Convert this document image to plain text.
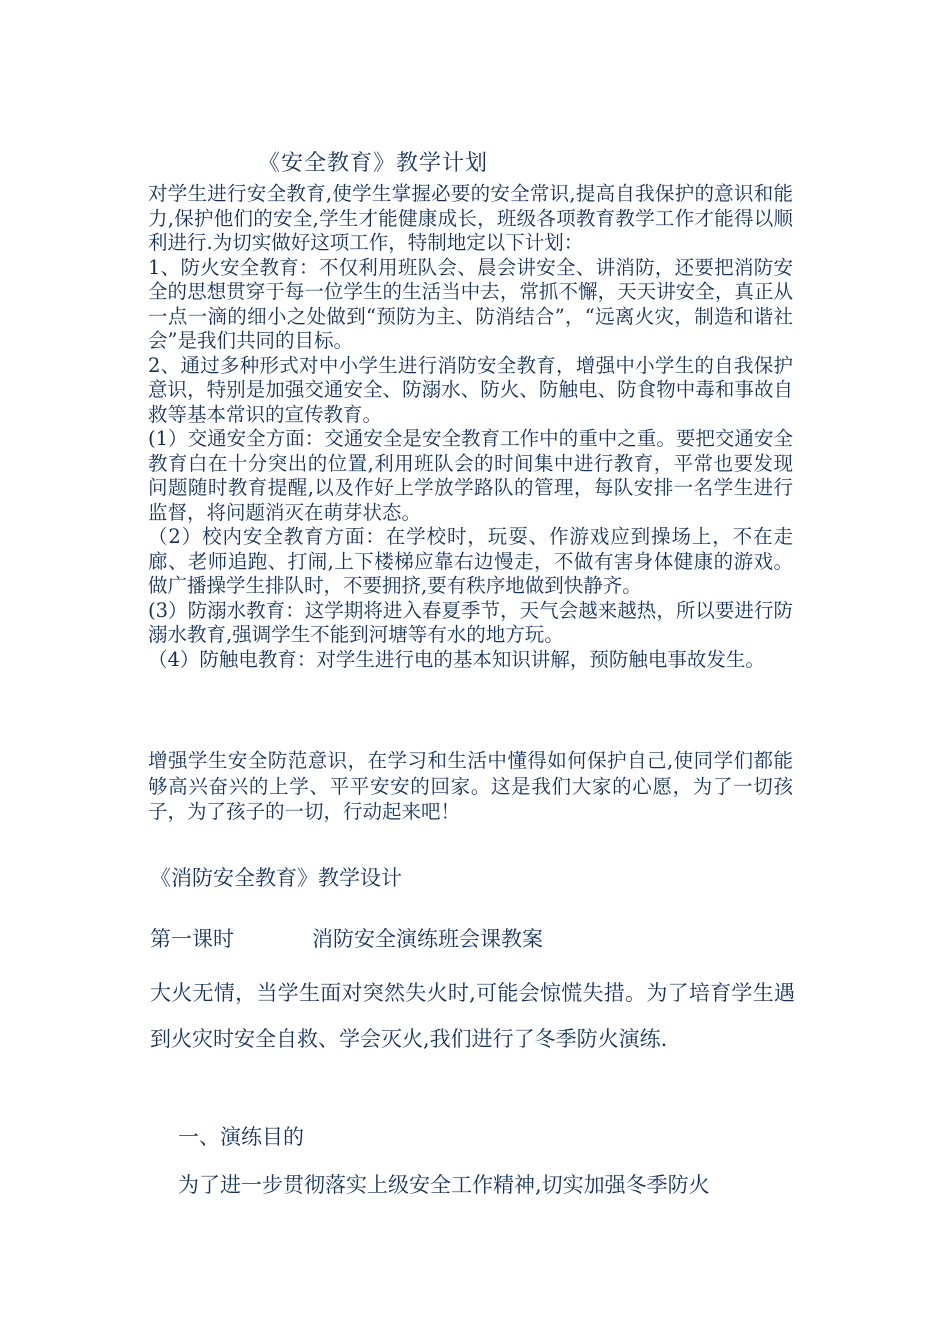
《安全教育》教学计划

对学生进行安全教育,使学生掌握必要的安全常识,提高自我保护的意识和能力,保护他们的安全,学生才能健康成长，班级各项教育教学工作才能得以顺利进行.为切实做好这项工作，特制地定以下计划：

1、防火安全教育：不仅利用班队会、晨会讲安全、讲消防，还要把消防安全的思想贯穿于每一位学生的生活当中去，常抓不懈，天天讲安全，真正从一点一滴的细小之处做到“预防为主、防消结合”，“远离火灾，制造和谐社会”是我们共同的目标。

2、通过多种形式对中小学生进行消防安全教育，增强中小学生的自我保护意识，特别是加强交通安全、防溺水、防火、防触电、防食物中毒和事故自救等基本常识的宣传教育。

(1）交通安全方面：交通安全是安全教育工作中的重中之重。要把交通安全教育白在十分突出的位置,利用班队会的时间集中进行教育，平常也要发现问题随时教育提醒,以及作好上学放学路队的管理，每队安排一名学生进行监督，将问题消灭在萌芽状态。

（2）校内安全教育方面：在学校时，玩耍、作游戏应到操场上，不在走廊、老师追跑、打闹,上下楼梯应靠右边慢走，不做有害身体健康的游戏。做广播操学生排队时，不要拥挤,要有秩序地做到快静齐。

(3）防溺水教育：这学期将进入春夏季节，天气会越来越热，所以要进行防溺水教育,强调学生不能到河塘等有水的地方玩。

（4）防触电教育：对学生进行电的基本知识讲解，预防触电事故发生。

增强学生安全防范意识，在学习和生活中懂得如何保护自己,使同学们都能够高兴奋兴的上学、平平安安的回家。这是我们大家的心愿，为了一切孩子，为了孩子的一切，行动起来吧！

《消防安全教育》教学设计
第一课时	消防安全演练班会课教案

大火无情，当学生面对突然失火时,可能会惊慌失措。为了培育学生遇到火灾时安全自救、学会灭火,我们进行了冬季防火演练.

一、演练目的
为了进一步贯彻落实上级安全工作精神,切实加强冬季防火
